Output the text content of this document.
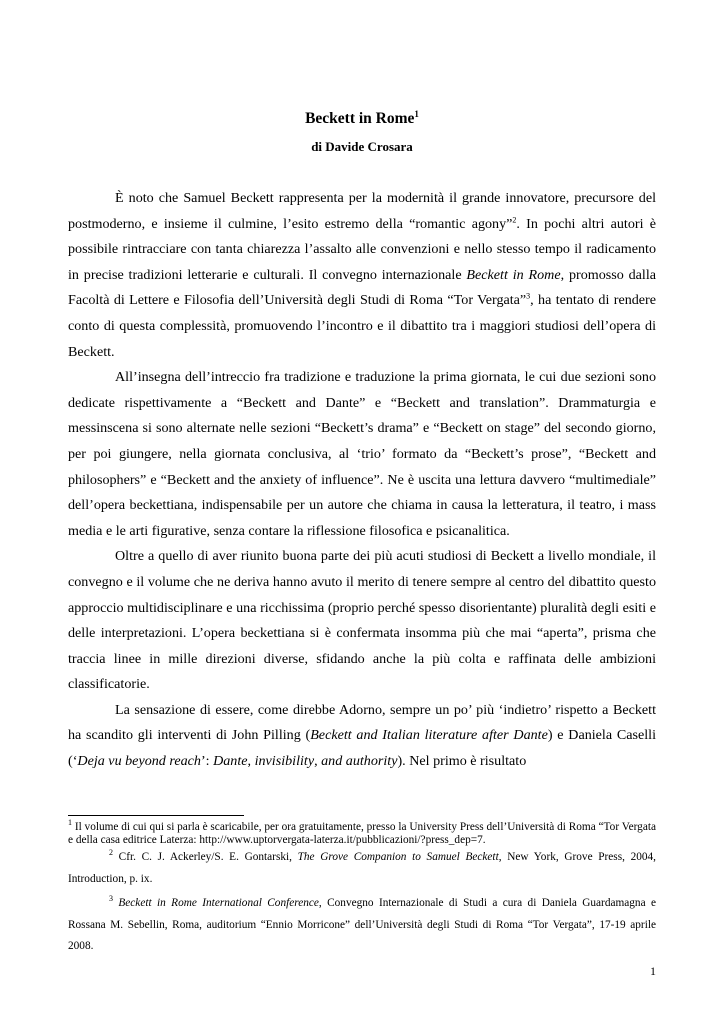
Beckett in Rome$^1$
di Davide Crosara

È noto che Samuel Beckett rappresenta per la modernità il grande innovatore, precursore del postmoderno, e insieme il culmine, l’esito estremo della “romantic agony”$^2$. In pochi altri autori è possibile rintracciare con tanta chiarezza l’assalto alle convenzioni e nello stesso tempo il radicamento in precise tradizioni letterarie e culturali. Il convegno internazionale Beckett in Rome, promosso dalla Facoltà di Lettere e Filosofia dell’Università degli Studi di Roma “Tor Vergata”$^3$, ha tentato di rendere conto di questa complessità, promuovendo l’incontro e il dibattito tra i maggiori studiosi dell’opera di Beckett.

All’insegna dell’intreccio fra tradizione e traduzione la prima giornata, le cui due sezioni sono dedicate rispettivamente a “Beckett and Dante” e “Beckett and translation”. Drammaturgia e messinscena si sono alternate nelle sezioni “Beckett’s drama” e “Beckett on stage” del secondo giorno, per poi giungere, nella giornata conclusiva, al ‘trio’ formato da “Beckett’s prose”, “Beckett and philosophers” e “Beckett and the anxiety of influence”. Ne è uscita una lettura davvero “multimediale” dell’opera beckettiana, indispensabile per un autore che chiama in causa la letteratura, il teatro, i mass media e le arti figurative, senza contare la riflessione filosofica e psicanalitica.

Oltre a quello di aver riunito buona parte dei più acuti studiosi di Beckett a livello mondiale, il convegno e il volume che ne deriva hanno avuto il merito di tenere sempre al centro del dibattito questo approccio multidisciplinare e una ricchissima (proprio perché spesso disorientante) pluralità degli esiti e delle interpretazioni. L’opera beckettiana si è confermata insomma più che mai “aperta”, prisma che traccia linee in mille direzioni diverse, sfidando anche la più colta e raffinata delle ambizioni classificatorie.

La sensazione di essere, come direbbe Adorno, sempre un po’ più ‘indietro’ rispetto a Beckett ha scandito gli interventi di John Pilling (Beckett and Italian literature after Dante) e Daniela Caselli (‘Deja vu beyond reach’: Dante, invisibility, and authority). Nel primo è risultato

$^1$ Il volume di cui qui si parla è scaricabile, per ora gratuitamente, presso la University Press dell’Università di Roma “Tor Vergata e della casa editrice Laterza: http://www.uptorvergata-laterza.it/pubblicazioni/?press_dep=7.

$^2$ Cfr. C. J. Ackerley/S. E. Gontarski, The Grove Companion to Samuel Beckett, New York, Grove Press, 2004, Introduction, p. ix.

$^3$ Beckett in Rome International Conference, Convegno Internazionale di Studi a cura di Daniela Guardamagna e Rossana M. Sebellin, Roma, auditorium “Ennio Morricone” dell’Università degli Studi di Roma “Tor Vergata”, 17-19 aprile 2008.

1
